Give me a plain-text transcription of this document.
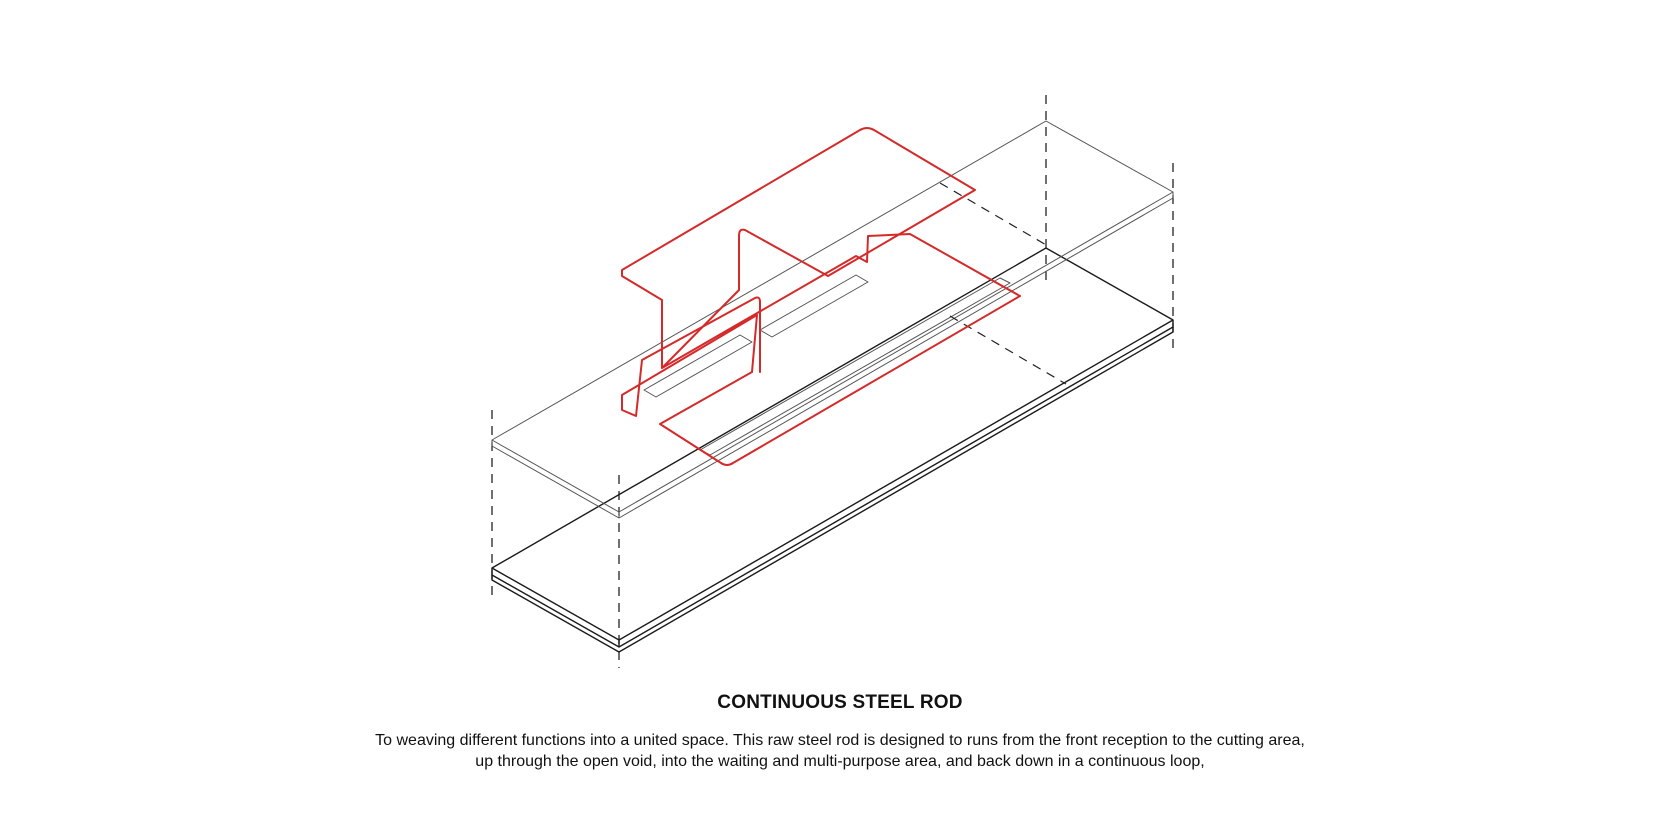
CONTINUOUS STEEL ROD
To weaving different functions into a united space. This raw steel rod is designed to runs from the front reception to the cutting area,
up through the open void, into the waiting and multi-purpose area, and back down in a continuous loop,
